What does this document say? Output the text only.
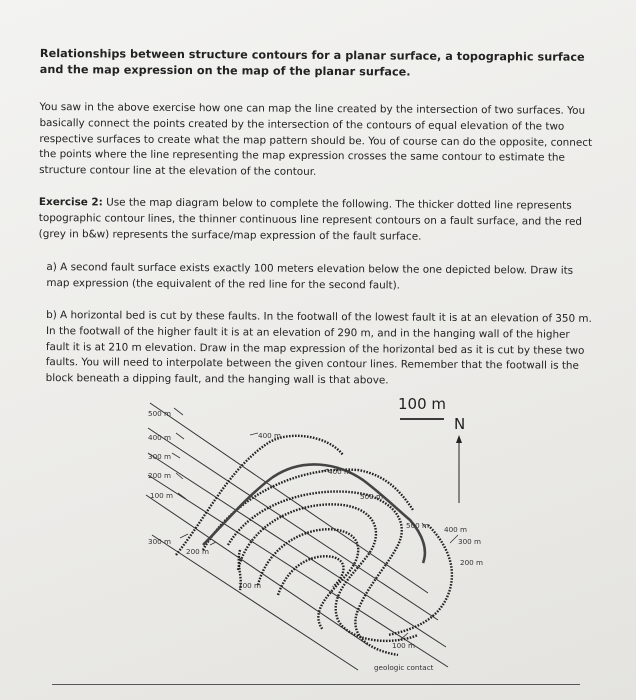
Relationships between structure contours for a planar surface, a topographic surface and the map expression on the map of the planar surface.

You saw in the above exercise how one can map the line created by the intersection of two surfaces. You basically connect the points created by the intersection of the contours of equal elevation of the two respective surfaces to create what the map pattern should be. You of course can do the opposite, connect the points where the line representing the map expression crosses the same contour to estimate the structure contour line at the elevation of the contour.

Exercise 2: Use the map diagram below to complete the following. The thicker dotted line represents topographic contour lines, the thinner continuous line represent contours on a fault surface, and the red (grey in b&w) represents the surface/map expression of the fault surface.

a) A second fault surface exists exactly 100 meters elevation below the one depicted below. Draw its map expression (the equivalent of the red line for the second fault).

b) A horizontal bed is cut by these faults. In the footwall of the lowest fault it is at an elevation of 350 m. In the footwall of the higher fault it is at an elevation of 290 m, and in the hanging wall of the higher fault it is at 210 m elevation. Draw in the map expression of the horizontal bed as it is cut by these two faults. You will need to interpolate between the given contour lines. Remember that the footwall is the block beneath a dipping fault, and the hanging wall is that above.

100 m
N
500 m
400 m
300 m
200 m
100 m
300 m
200 m
400 m
400 m
500 m
500 m 400 m
300 m
200 m
100 m
100 m
geologic contact
